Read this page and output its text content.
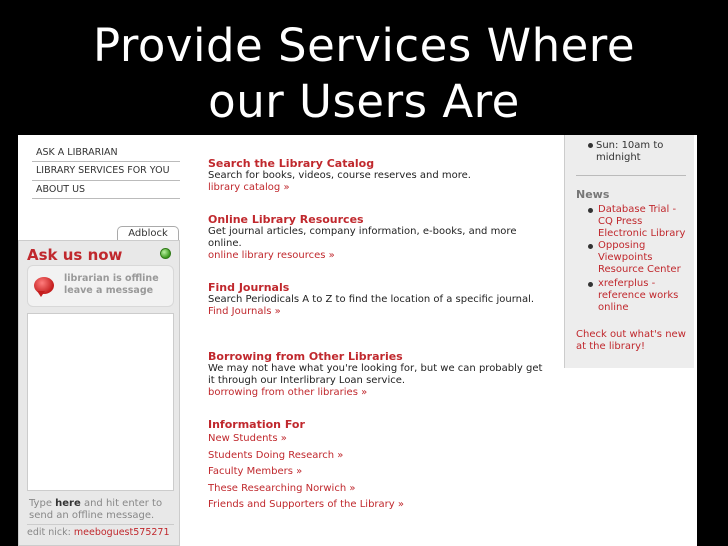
Provide Services Where
our Users Are
ASK A LIBRARIAN
LIBRARY SERVICES FOR YOU
ABOUT US
Adblock
Ask us now
librarian is offline
leave a message
Type here and hit enter to
send an offline message.
edit nick: meeboguest575271
Search the Library Catalog
Search for books, videos, course reserves and more.
library catalog »
Online Library Resources
Get journal articles, company information, e-books, and more online.
online library resources »
Find Journals
Search Periodicals A to Z to find the location of a specific journal.
Find Journals »
Borrowing from Other Libraries
We may not have what you're looking for, but we can probably get it through our Interlibrary Loan service.
borrowing from other libraries »
Information For
New Students »
Students Doing Research »
Faculty Members »
These Researching Norwich »
Friends and Supporters of the Library »
Sun: 10am to
midnight
News
Database Trial - CQ Press Electronic Library
Opposing Viewpoints Resource Center
xreferplus - reference works online
Check out what's new at the library!
